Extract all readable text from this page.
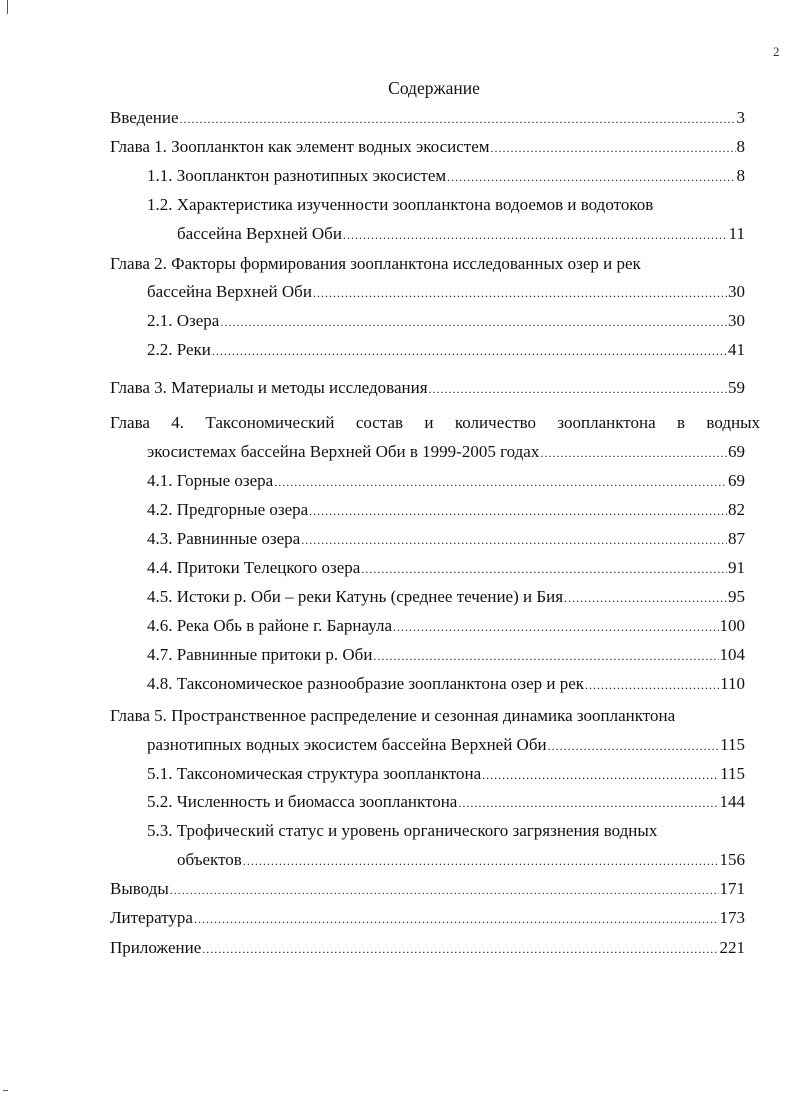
2
Содержание
Введение .....	3
Глава 1. Зоопланктон как элемент водных экосистем .....	8
1.1. Зоопланктон разнотипных экосистем .....	8
1.2. Характеристика изученности зоопланктона водоемов и водотоков
бассейна Верхней Оби .....	11
Глава 2. Факторы формирования зоопланктона исследованных озер и рек
бассейна Верхней Оби .....	30
2.1. Озера .....	30
2.2. Реки .....	41
Глава 3. Материалы и методы исследования .....	59
Глава 4. Таксономический состав и количество зоопланктона в водных
экосистемах бассейна Верхней Оби в 1999-2005 годах .....	69
4.1. Горные озера .....	69
4.2. Предгорные озера .....	82
4.3. Равнинные озера .....	87
4.4. Притоки Телецкого озера .....	91
4.5. Истоки р. Оби – реки Катунь (среднее течение) и Бия .....	95
4.6. Река Обь в районе г. Барнаула .....	100
4.7. Равнинные притоки р. Оби .....	104
4.8. Таксономическое разнообразие зоопланктона озер и рек .....	110
Глава 5. Пространственное распределение и сезонная динамика зоопланктона
разнотипных водных экосистем бассейна Верхней Оби .....	115
5.1. Таксономическая структура зоопланктона .....	115
5.2. Численность и биомасса зоопланктона .....	144
5.3. Трофический статус и уровень органического загрязнения водных
объектов .....	156
Выводы .....	171
Литература .....	173
Приложение .....	221
